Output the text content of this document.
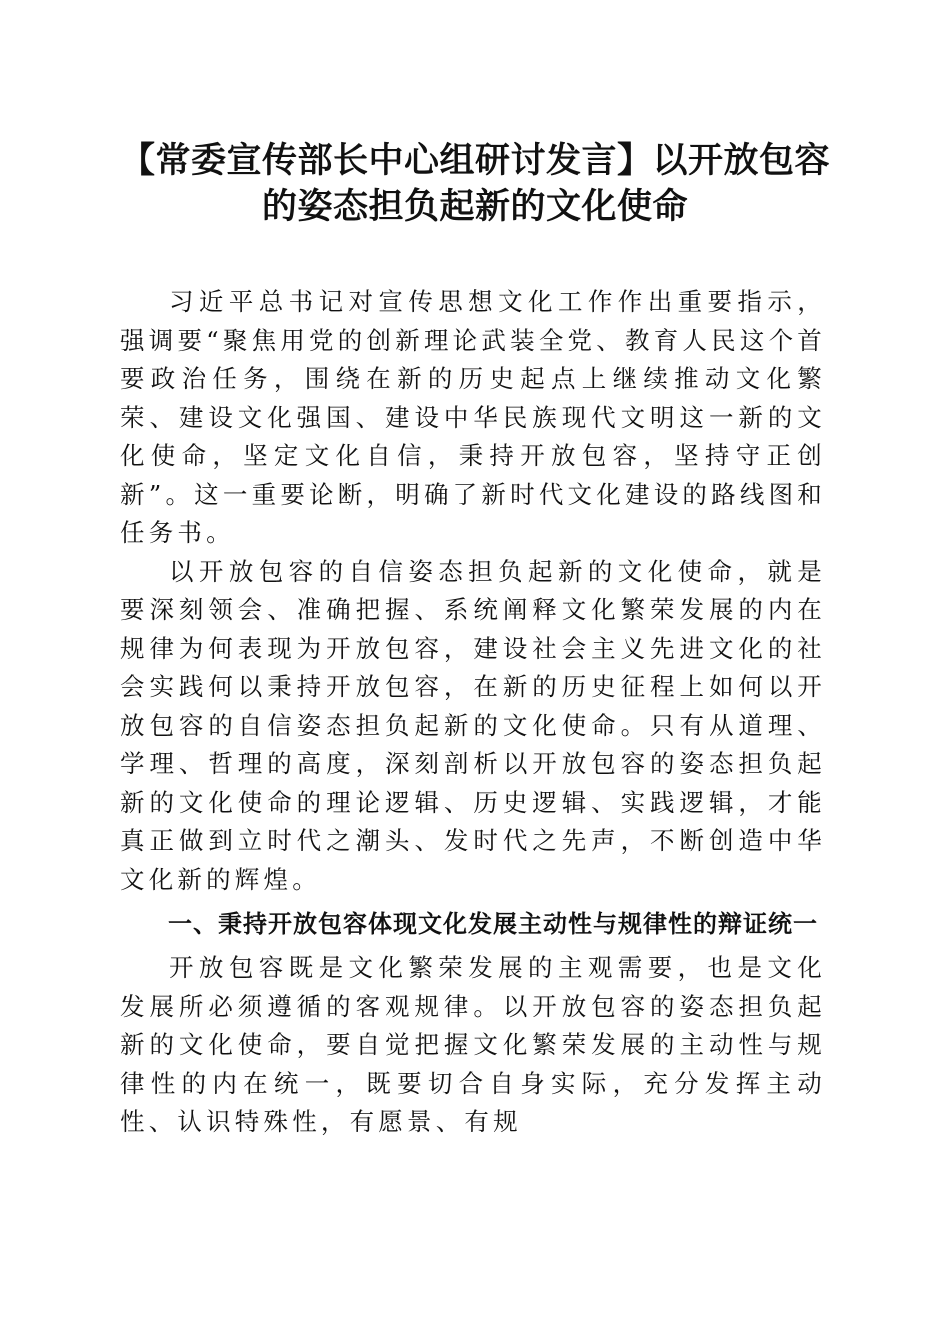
【常委宣传部长中心组研讨发言】以开放包容
的姿态担负起新的文化使命

习近平总书记对宣传思想文化工作作出重要指示，强调要“聚焦用党的创新理论武装全党、教育人民这个首要政治任务，围绕在新的历史起点上继续推动文化繁荣、建设文化强国、建设中华民族现代文明这一新的文化使命，坚定文化自信，秉持开放包容，坚持守正创新”。这一重要论断，明确了新时代文化建设的路线图和任务书。

以开放包容的自信姿态担负起新的文化使命，就是要深刻领会、准确把握、系统阐释文化繁荣发展的内在规律为何表现为开放包容，建设社会主义先进文化的社会实践何以秉持开放包容，在新的历史征程上如何以开放包容的自信姿态担负起新的文化使命。只有从道理、学理、哲理的高度，深刻剖析以开放包容的姿态担负起新的文化使命的理论逻辑、历史逻辑、实践逻辑，才能真正做到立时代之潮头、发时代之先声，不断创造中华文化新的辉煌。

一、秉持开放包容体现文化发展主动性与规律性的辩证统一

开放包容既是文化繁荣发展的主观需要，也是文化发展所必须遵循的客观规律。以开放包容的姿态担负起新的文化使命，要自觉把握文化繁荣发展的主动性与规律性的内在统一，既要切合自身实际，充分发挥主动性、认识特殊性，有愿景、有规
